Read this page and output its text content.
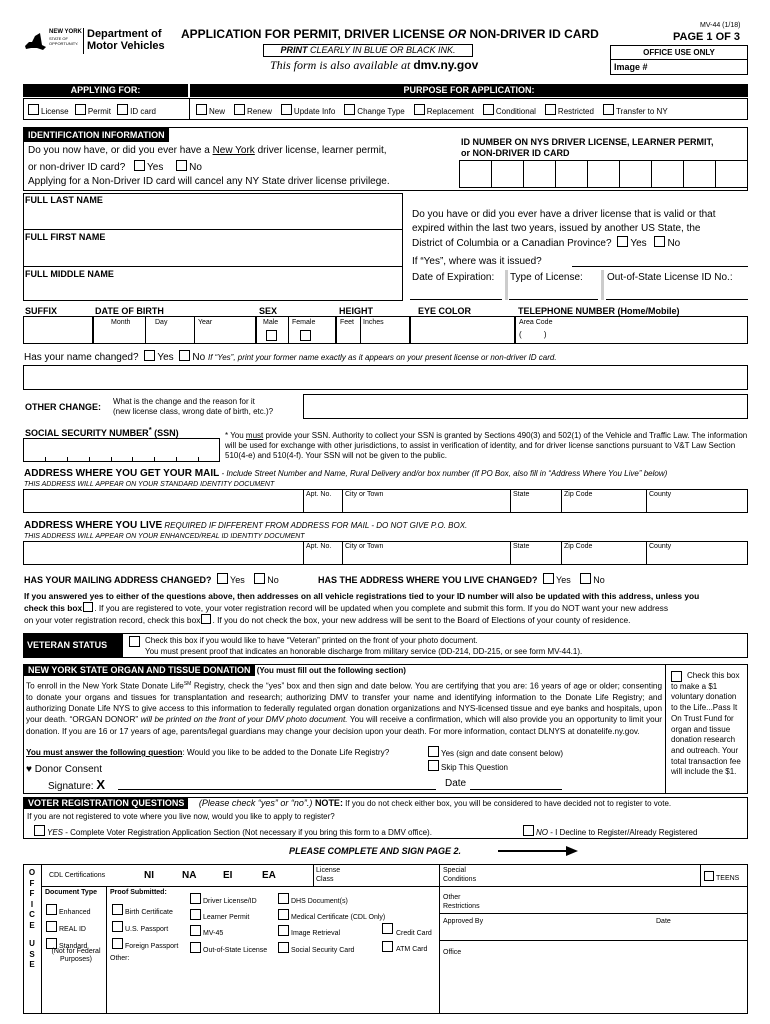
NEW YORK
STATE OF OPPORTUNITY.
Department of
Motor Vehicles
APPLICATION FOR PERMIT, DRIVER LICENSE OR NON-DRIVER ID CARD
PRINT CLEARLY IN BLUE OR BLACK INK.
This form is also available at dmv.ny.gov
MV-44 (1/18)
PAGE 1 OF 3
OFFICE USE ONLY
Image #
APPLYING FOR:	PURPOSE FOR APPLICATION:
License Permit ID card	New	Renew	Update Info	Change Type	Replacement	Conditional	Restricted	Transfer to NY
IDENTIFICATION INFORMATION
Do you now have, or did you ever have a New York driver license, learner permit,
or non-driver ID card? Yes	No
Applying for a Non-Driver ID card will cancel any NY State driver license privilege.
ID NUMBER ON NYS DRIVER LICENSE, LEARNER PERMIT,
or NON-DRIVER ID CARD
FULL LAST NAME
FULL FIRST NAME
FULL MIDDLE NAME
Do you have or did you ever have a driver license that is valid or that
expired within the last two years, issued by another US State, the
District of Columbia or a Canadian Province? Yes No
If “Yes”, where was it issued?
Date of Expiration: Type of License: Out-of-State License ID No.:
SUFFIX	DATE OF BIRTH	SEX	HEIGHT	EYE COLOR	TELEPHONE NUMBER (Home/Mobile)
Month	Day	Year	Male Female	Feet Inches	Area Code
(          )
Has your name changed? Yes No If “Yes”, print your former name exactly as it appears on your present license or non-driver ID card.
OTHER CHANGE:
What is the change and the reason for it
(new license class, wrong date of birth, etc.)?
SOCIAL SECURITY NUMBER* (SSN)	* You must provide your SSN. Authority to collect your SSN is granted by Sections 490(3) and 502(1) of the Vehicle and Traffic Law. The information will be used for exchange with other jurisdictions, to assist in verification of identity, and for driver license sanctions pursuant to V&T Law Section 510(4-e) and 510(4-f). Your SSN will not be given to the public.
ADDRESS WHERE YOU GET YOUR MAIL - Include Street Number and Name, Rural Delivery and/or box number (If PO Box, also fill in “Address Where You Live” below)
THIS ADDRESS WILL APPEAR ON YOUR STANDARD IDENTITY DOCUMENT
Apt. No. City or Town	State	Zip Code	County
ADDRESS WHERE YOU LIVE REQUIRED IF DIFFERENT FROM ADDRESS FOR MAIL - DO NOT GIVE P.O. BOX.
THIS ADDRESS WILL APPEAR ON YOUR ENHANCED/REAL ID IDENTITY DOCUMENT
Apt. No. City or Town	State	Zip Code	County
HAS YOUR MAILING ADDRESS CHANGED? Yes	No	HAS THE ADDRESS WHERE YOU LIVE CHANGED? Yes	No
If you answered yes to either of the questions above, then addresses on all vehicle registrations tied to your ID number will also be updated with this address, unless you
check this box . If you are registered to vote, your voter registration record will be updated when you complete and submit this form. If you do NOT want your new address
on your voter registration record, check this box . If you do not check the box, your new address will be sent to the Board of Elections of your county of residence.
VETERAN STATUS	Check this box if you would like to have “Veteran” printed on the front of your photo document.
You must present proof that indicates an honorable discharge from military service (DD-214, DD-215, or see form MV-44.1).
NEW YORK STATE ORGAN AND TISSUE DONATION (You must fill out the following section)
To enroll in the New York State Donate Life℠ Registry, check the “yes” box and then sign and date below. You are certifying that you are: 16 years of age or older; consenting to donate your organs and tissues for transplantation and research; authorizing DMV to transfer your name and identifying information to the Donate Life Registry; and authorizing Donate Life NYS to give access to this information to federally regulated organ donation organizations and NYS-licensed tissue and eye banks and hospitals, upon your death. “ORGAN DONOR” will be printed on the front of your DMV photo document. You will receive a confirmation, which will also provide you an opportunity to limit your donation. If you are 16 or 17 years of age, parents/legal guardians may change your decision upon your death. For more information, contact DLNYS at donatelife.ny.gov.
You must answer the following question: Would you like to be added to the Donate Life Registry?	Yes (sign and date consent below)
Skip This Question
♥ Donor Consent
Signature: X	Date
Check this box
to make a $1
voluntary donation
to the Life...Pass It
On Trust Fund for
organ and tissue
donation research
and outreach. Your
total transaction fee
will include the $1.
VOTER REGISTRATION QUESTIONS (Please check “yes” or “no”.) NOTE: If you do not check either box, you will be considered to have decided not to register to vote.
If you are not registered to vote where you live now, would you like to apply to register?
YES - Complete Voter Registration Application Section (Not necessary if you bring this form to a DMV office).	NO - I Decline to Register/Already Registered
PLEASE COMPLETE AND SIGN PAGE 2.
O
F
F
I
C
E

U
S
E
CDL Certifications	NI	NA	EI	EA	License
Class
Special
Conditions	TEENS
Document Type
Enhanced
REAL ID
Standard
(Not for Federal
Purposes)
Proof Submitted:
Birth Certificate
U.S. Passport
Foreign Passport
Other:
Driver License/ID
Learner Permit
MV-45
Out-of-State License
DHS Document(s)
Medical Certificate (CDL Only)
Image Retrieval
Social Security Card
Credit Card
ATM Card
Other
Restrictions
Approved By	Date
Office
